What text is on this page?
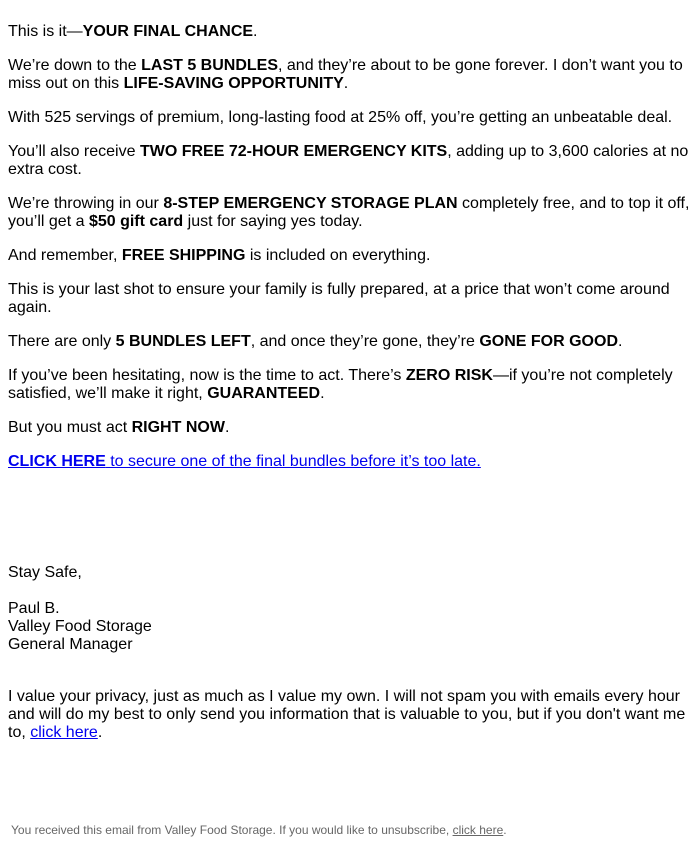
This is it—YOUR FINAL CHANCE.

We’re down to the LAST 5 BUNDLES, and they’re about to be gone forever. I don’t want you to miss out on this LIFE-SAVING OPPORTUNITY.

With 525 servings of premium, long-lasting food at 25% off, you’re getting an unbeatable deal.

You’ll also receive TWO FREE 72-HOUR EMERGENCY KITS, adding up to 3,600 calories at no extra cost.

We’re throwing in our 8-STEP EMERGENCY STORAGE PLAN completely free, and to top it off, you’ll get a $50 gift card just for saying yes today.

And remember, FREE SHIPPING is included on everything.

This is your last shot to ensure your family is fully prepared, at a price that won’t come around again.

There are only 5 BUNDLES LEFT, and once they’re gone, they’re GONE FOR GOOD.

If you’ve been hesitating, now is the time to act. There’s ZERO RISK—if you’re not completely satisfied, we’ll make it right, GUARANTEED.

But you must act RIGHT NOW.

CLICK HERE to secure one of the final bundles before it’s too late.

Stay Safe,
Paul B.
Valley Food Storage
General Manager
I value your privacy, just as much as I value my own. I will not spam you with emails every hour and will do my best to only send you information that is valuable to you, but if you don't want me to, click here.
You received this email from Valley Food Storage. If you would like to unsubscribe, click here.
